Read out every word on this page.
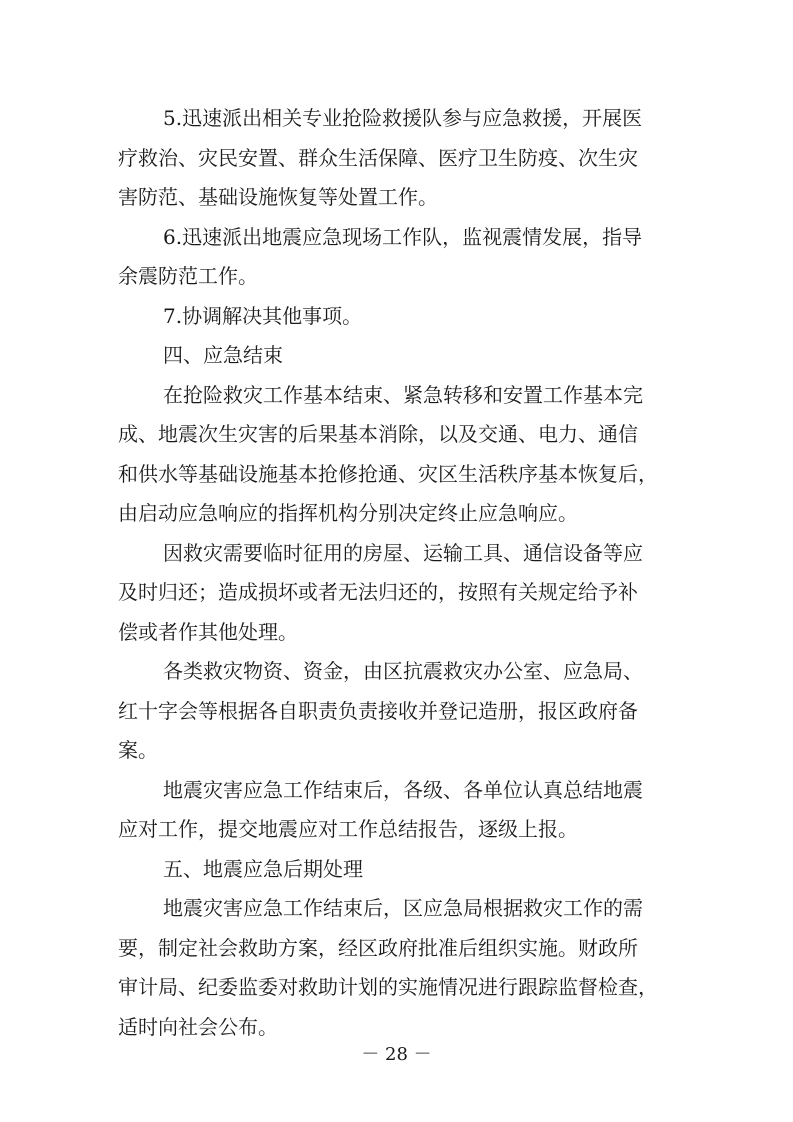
5.迅速派出相关专业抢险救援队参与应急救援，开展医
疗救治、灾民安置、群众生活保障、医疗卫生防疫、次生灾
害防范、基础设施恢复等处置工作。
6.迅速派出地震应急现场工作队，监视震情发展，指导
余震防范工作。
7.协调解决其他事项。
四、应急结束
在抢险救灾工作基本结束、紧急转移和安置工作基本完
成、地震次生灾害的后果基本消除，以及交通、电力、通信
和供水等基础设施基本抢修抢通、灾区生活秩序基本恢复后，
由启动应急响应的指挥机构分别决定终止应急响应。
因救灾需要临时征用的房屋、运输工具、通信设备等应
及时归还；造成损坏或者无法归还的，按照有关规定给予补
偿或者作其他处理。
各类救灾物资、资金，由区抗震救灾办公室、应急局、
红十字会等根据各自职责负责接收并登记造册，报区政府备
案。
地震灾害应急工作结束后，各级、各单位认真总结地震
应对工作，提交地震应对工作总结报告，逐级上报。
五、地震应急后期处理
地震灾害应急工作结束后，区应急局根据救灾工作的需
要，制定社会救助方案，经区政府批准后组织实施。财政所
审计局、纪委监委对救助计划的实施情况进行跟踪监督检查，
适时向社会公布。
－ 28 －
